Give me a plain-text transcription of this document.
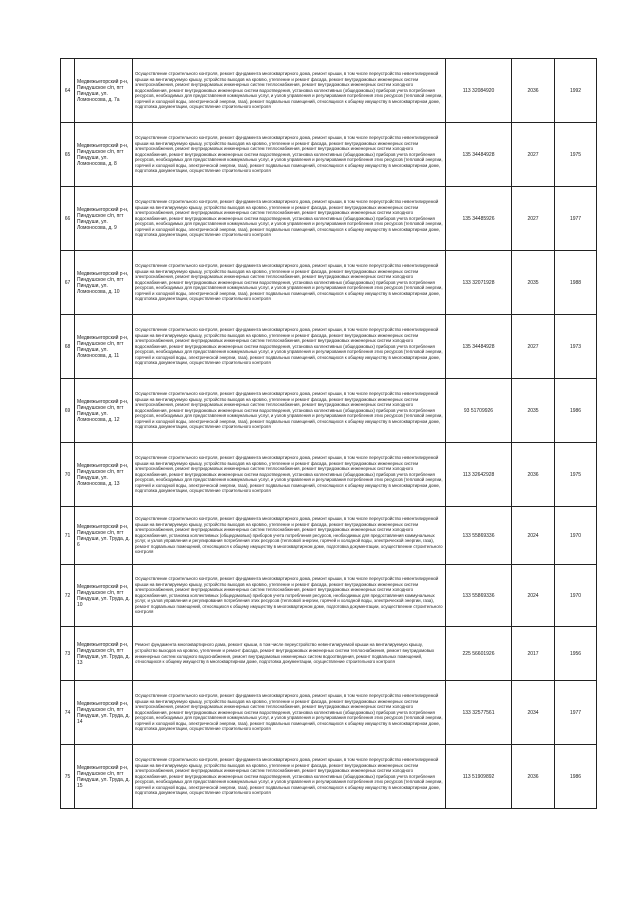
64	Медвежьегорский р-н, Пиндушское с/п, пгт Пиндуши, ул. Ломоносова, д. 7а	Осуществление строительного контроля, ремонт фундамента многоквартирного дома, ремонт крыши, в том числе переустройство невентилируемой крыши на вентилируемую крышу, устройство выходов на кровлю, утепление и ремонт фасада, ремонт внутридомовых инженерных систем электроснабжения, ремонт внутридомовых инженерных систем теплоснабжения, ремонт внутридомовых инженерных систем холодного водоснабжения, ремонт внутридомовых инженерных систем водоотведения, установка коллективных (общедомовых) приборов учета потребления ресурсов, необходимых для предоставления коммунальных услуг, и узлов управления и регулирования потребления этих ресурсов (тепловой энергии, горячей и холодной воды, электрической энергии, газа), ремонт подвальных помещений, относящихся к общему имуществу в многоквартирном доме, подготовка документации, осуществление строительного контроля	113 32084920	2036	1992
65	Медвежьегорский р-н, Пиндушское с/п, пгт Пиндуши, ул. Ломоносова, д. 8	Осуществление строительного контроля, ремонт фундамента многоквартирного дома, ремонт крыши, в том числе переустройство невентилируемой крыши на вентилируемую крышу, устройство выходов на кровлю, утепление и ремонт фасада, ремонт внутридомовых инженерных систем электроснабжения, ремонт внутридомовых инженерных систем теплоснабжения, ремонт внутридомовых инженерных систем холодного водоснабжения, ремонт внутридомовых инженерных систем водоотведения, установка коллективных (общедомовых) приборов учета потребления ресурсов, необходимых для предоставления коммунальных услуг, и узлов управления и регулирования потребления этих ресурсов (тепловой энергии, горячей и холодной воды, электрической энергии, газа), ремонт подвальных помещений, относящихся к общему имуществу в многоквартирном доме, подготовка документации, осуществление строительного контроля	135 34484928	2027	1975
66	Медвежьегорский р-н, Пиндушское с/п, пгт Пиндуши, ул. Ломоносова, д. 9	Осуществление строительного контроля, ремонт фундамента многоквартирного дома, ремонт крыши, в том числе переустройство невентилируемой крыши на вентилируемую крышу, устройство выходов на кровлю, утепление и ремонт фасада, ремонт внутридомовых инженерных систем электроснабжения, ремонт внутридомовых инженерных систем теплоснабжения, ремонт внутридомовых инженерных систем холодного водоснабжения, ремонт внутридомовых инженерных систем водоотведения, установка коллективных (общедомовых) приборов учета потребления ресурсов, необходимых для предоставления коммунальных услуг, и узлов управления и регулирования потребления этих ресурсов (тепловой энергии, горячей и холодной воды, электрической энергии, газа), ремонт подвальных помещений, относящихся к общему имуществу в многоквартирном доме, подготовка документации, осуществление строительного контроля	135 34485926	2027	1977
67	Медвежьегорский р-н, Пиндушское с/п, пгт Пиндуши, ул. Ломоносова, д. 10	Осуществление строительного контроля, ремонт фундамента многоквартирного дома, ремонт крыши, в том числе переустройство невентилируемой крыши на вентилируемую крышу, устройство выходов на кровлю, утепление и ремонт фасада, ремонт внутридомовых инженерных систем электроснабжения, ремонт внутридомовых инженерных систем теплоснабжения, ремонт внутридомовых инженерных систем холодного водоснабжения, ремонт внутридомовых инженерных систем водоотведения, установка коллективных (общедомовых) приборов учета потребления ресурсов, необходимых для предоставления коммунальных услуг, и узлов управления и регулирования потребления этих ресурсов (тепловой энергии, горячей и холодной воды, электрической энергии, газа), ремонт подвальных помещений, относящихся к общему имуществу в многоквартирном доме, подготовка документации, осуществление строительного контроля	133 32071928	2035	1988
68	Медвежьегорский р-н, Пиндушское с/п, пгт Пиндуши, ул. Ломоносова, д. 11	Осуществление строительного контроля, ремонт фундамента многоквартирного дома, ремонт крыши, в том числе переустройство невентилируемой крыши на вентилируемую крышу, устройство выходов на кровлю, утепление и ремонт фасада, ремонт внутридомовых инженерных систем электроснабжения, ремонт внутридомовых инженерных систем теплоснабжения, ремонт внутридомовых инженерных систем холодного водоснабжения, ремонт внутридомовых инженерных систем водоотведения, установка коллективных (общедомовых) приборов учета потребления ресурсов, необходимых для предоставления коммунальных услуг, и узлов управления и регулирования потребления этих ресурсов (тепловой энергии, горячей и холодной воды, электрической энергии, газа), ремонт подвальных помещений, относящихся к общему имуществу в многоквартирном доме, подготовка документации, осуществление строительного контроля	135 34484928	2027	1973
69	Медвежьегорский р-н, Пиндушское с/п, пгт Пиндуши, ул. Ломоносова, д. 12	Осуществление строительного контроля, ремонт фундамента многоквартирного дома, ремонт крыши, в том числе переустройство невентилируемой крыши на вентилируемую крышу, устройство выходов на кровлю, утепление и ремонт фасада, ремонт внутридомовых инженерных систем электроснабжения, ремонт внутридомовых инженерных систем теплоснабжения, ремонт внутридомовых инженерных систем холодного водоснабжения, ремонт внутридомовых инженерных систем водоотведения, установка коллективных (общедомовых) приборов учета потребления ресурсов, необходимых для предоставления коммунальных услуг, и узлов управления и регулирования потребления этих ресурсов (тепловой энергии, горячей и холодной воды, электрической энергии, газа), ремонт подвальных помещений, относящихся к общему имуществу в многоквартирном доме, подготовка документации, осуществление строительного контроля	93 51709926	2035	1986
70	Медвежьегорский р-н, Пиндушское с/п, пгт Пиндуши, ул. Ломоносова, д. 13	Осуществление строительного контроля, ремонт фундамента многоквартирного дома, ремонт крыши, в том числе переустройство невентилируемой крыши на вентилируемую крышу, устройство выходов на кровлю, утепление и ремонт фасада, ремонт внутридомовых инженерных систем электроснабжения, ремонт внутридомовых инженерных систем теплоснабжения, ремонт внутридомовых инженерных систем холодного водоснабжения, ремонт внутридомовых инженерных систем водоотведения, установка коллективных (общедомовых) приборов учета потребления ресурсов, необходимых для предоставления коммунальных услуг, и узлов управления и регулирования потребления этих ресурсов (тепловой энергии, горячей и холодной воды, электрической энергии, газа), ремонт подвальных помещений, относящихся к общему имуществу в многоквартирном доме, подготовка документации, осуществление строительного контроля	113 32642928	2036	1975
71	Медвежьегорский р-н, Пиндушское с/п, пгт Пиндуши, ул. Труда, д. 6	Осуществление строительного контроля, ремонт фундамента многоквартирного дома, ремонт крыши, в том числе переустройство невентилируемой крыши на вентилируемую крышу, устройство выходов на кровлю, утепление и ремонт фасада, ремонт внутридомовых инженерных систем электроснабжения, ремонт внутридомовых инженерных систем теплоснабжения, ремонт внутридомовых инженерных систем холодного водоснабжения, установка коллективных (общедомовых) приборов учета потребления ресурсов, необходимых для предоставления коммунальных услуг, и узлов управления и регулирования потребления этих ресурсов (тепловой энергии, горячей и холодной воды, электрической энергии, газа), ремонт подвальных помещений, относящихся к общему имуществу в многоквартирном доме, подготовка документации, осуществление строительного контроля	133 55869336	2024	1970
72	Медвежьегорский р-н, Пиндушское с/п, пгт Пиндуши, ул. Труда, д. 10	Осуществление строительного контроля, ремонт фундамента многоквартирного дома, ремонт крыши, в том числе переустройство невентилируемой крыши на вентилируемую крышу, устройство выходов на кровлю, утепление и ремонт фасада, ремонт внутридомовых инженерных систем электроснабжения, ремонт внутридомовых инженерных систем теплоснабжения, ремонт внутридомовых инженерных систем холодного водоснабжения, установка коллективных (общедомовых) приборов учета потребления ресурсов, необходимых для предоставления коммунальных услуг, и узлов управления и регулирования потребления этих ресурсов (тепловой энергии, горячей и холодной воды, электрической энергии, газа), ремонт подвальных помещений, относящихся к общему имуществу в многоквартирном доме, подготовка документации, осуществление строительного контроля	133 55869336	2024	1970
73	Медвежьегорский р-н, Пиндушское с/п, пгт Пиндуши, ул. Труда, д. 13	Ремонт фундамента многоквартирного дома, ремонт крыши, в том числе переустройство невентилируемой крыши на вентилируемую крышу, устройство выходов на кровлю, утепление и ремонт фасада, ремонт внутридомовых инженерных систем теплоснабжения, ремонт внутридомовых инженерных систем холодного водоснабжения, ремонт внутридомовых инженерных систем водоотведения, ремонт подвальных помещений, относящихся к общему имуществу в многоквартирном доме, подготовка документации, осуществление строительного контроля	225 56601926	2017	1956
74	Медвежьегорский р-н, Пиндушское с/п, пгт Пиндуши, ул. Труда, д. 14	Осуществление строительного контроля, ремонт фундамента многоквартирного дома, ремонт крыши, в том числе переустройство невентилируемой крыши на вентилируемую крышу, устройство выходов на кровлю, утепление и ремонт фасада, ремонт внутридомовых инженерных систем электроснабжения, ремонт внутридомовых инженерных систем теплоснабжения, ремонт внутридомовых инженерных систем холодного водоснабжения, ремонт внутридомовых инженерных систем водоотведения, установка коллективных (общедомовых) приборов учета потребления ресурсов, необходимых для предоставления коммунальных услуг, и узлов управления и регулирования потребления этих ресурсов (тепловой энергии, горячей и холодной воды, электрической энергии, газа), ремонт подвальных помещений, относящихся к общему имуществу в многоквартирном доме, подготовка документации, осуществление строительного контроля	133 32577561	2034	1977
75	Медвежьегорский р-н, Пиндушское с/п, пгт Пиндуши, ул. Труда, д. 15	Осуществление строительного контроля, ремонт фундамента многоквартирного дома, ремонт крыши, в том числе переустройство невентилируемой крыши на вентилируемую крышу, устройство выходов на кровлю, утепление и ремонт фасада, ремонт внутридомовых инженерных систем электроснабжения, ремонт внутридомовых инженерных систем теплоснабжения, ремонт внутридомовых инженерных систем холодного водоснабжения, ремонт внутридомовых инженерных систем водоотведения, установка коллективных (общедомовых) приборов учета потребления ресурсов, необходимых для предоставления коммунальных услуг, и узлов управления и регулирования потребления этих ресурсов (тепловой энергии, горячей и холодной воды, электрической энергии, газа), ремонт подвальных помещений, относящихся к общему имуществу в многоквартирном доме, подготовка документации, осуществление строительного контроля	113 51909892	2036	1986
